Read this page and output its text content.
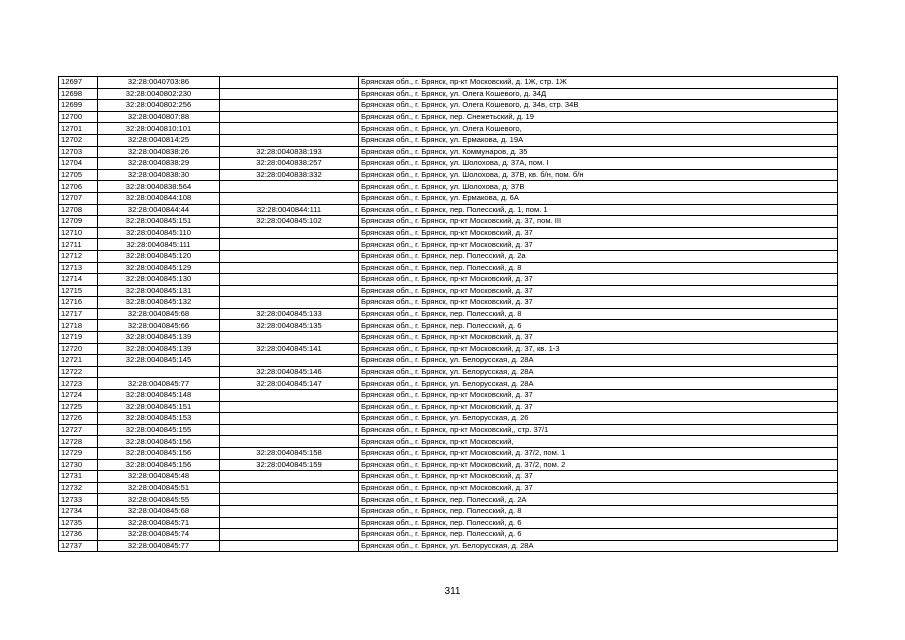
12697	32:28:0040703:86		Брянская обл., г. Брянск, пр-кт Московский, д. 1Ж, стр. 1Ж
12698	32:28:0040802:230		Брянская обл., г. Брянск, ул. Олега Кошевого, д. 34Д
12699	32:28:0040802:256		Брянская обл., г. Брянск, ул. Олега Кошевого, д. 34в, стр. 34В
12700	32:28:0040807:88		Брянская обл., г. Брянск, пер. Снежетьский, д. 19
12701	32:28:0040810:101		Брянская обл., г. Брянск, ул. Олега Кошевого,
12702	32:28:0040814:25		Брянская обл., г. Брянск, ул. Ермакова, д. 19А
12703	32:28:0040838:26	32:28:0040838:193	Брянская обл., г. Брянск, ул. Коммунаров, д. 35
12704	32:28:0040838:29	32:28:0040838:257	Брянская обл., г. Брянск, ул. Шолохова, д. 37А, пом. I
12705	32:28:0040838:30	32:28:0040838:332	Брянская обл., г. Брянск, ул. Шолохова, д. 37В, кв. б/н, пом. б/н
12706	32:28:0040838:564		Брянская обл., г. Брянск, ул. Шолохова, д. 37В
12707	32:28:0040844:108		Брянская обл., г. Брянск, ул. Ермакова, д. 6А
12708	32:28:0040844:44	32:28:0040844:111	Брянская обл., г. Брянск, пер. Полесский, д. 1, пом. 1
12709	32:28:0040845:151	32:28:0040845:102	Брянская обл., г. Брянск, пр-кт Московский, д. 37, пом. III
12710	32:28:0040845:110		Брянская обл., г. Брянск, пр-кт Московский, д. 37
12711	32:28:0040845:111		Брянская обл., г. Брянск, пр-кт Московский, д. 37
12712	32:28:0040845:120		Брянская обл., г. Брянск, пер. Полесский, д. 2а
12713	32:28:0040845:129		Брянская обл., г. Брянск, пер. Полесский, д. 8
12714	32:28:0040845:130		Брянская обл., г. Брянск, пр-кт Московский, д. 37
12715	32:28:0040845:131		Брянская обл., г. Брянск, пр-кт Московский, д. 37
12716	32:28:0040845:132		Брянская обл., г. Брянск, пр-кт Московский, д. 37
12717	32:28:0040845:68	32:28:0040845:133	Брянская обл., г. Брянск, пер. Полесский, д. 8
12718	32:28:0040845:66	32:28:0040845:135	Брянская обл., г. Брянск, пер. Полесский, д. 6
12719	32:28:0040845:139		Брянская обл., г. Брянск, пр-кт Московский, д. 37
12720	32:28:0040845:139	32:28:0040845:141	Брянская обл., г. Брянск, пр-кт Московский, д. 37, кв. 1-3
12721	32:28:0040845:145		Брянская обл., г. Брянск, ул. Белорусская, д. 28А
12722		32:28:0040845:146	Брянская обл., г. Брянск, ул. Белорусская, д. 28А
12723	32:28:0040845:77	32:28:0040845:147	Брянская обл., г. Брянск, ул. Белорусская, д. 28А
12724	32:28:0040845:148		Брянская обл., г. Брянск, пр-кт Московский, д. 37
12725	32:28:0040845:151		Брянская обл., г. Брянск, пр-кт Московский, д. 37
12726	32:28:0040845:153		Брянская обл., г. Брянск, ул. Белорусская, д. 26
12727	32:28:0040845:155		Брянская обл., г. Брянск, пр-кт Московский,, стр. 37/1
12728	32:28:0040845:156		Брянская обл., г. Брянск, пр-кт Московский,
12729	32:28:0040845:156	32:28:0040845:158	Брянская обл., г. Брянск, пр-кт Московский, д. 37/2, пом. 1
12730	32:28:0040845:156	32:28:0040845:159	Брянская обл., г. Брянск, пр-кт Московский, д. 37/2, пом. 2
12731	32:28:0040845:48		Брянская обл., г. Брянск, пр-кт Московский, д. 37
12732	32:28:0040845:51		Брянская обл., г. Брянск, пр-кт Московский, д. 37
12733	32:28:0040845:55		Брянская обл., г. Брянск, пер. Полесский, д. 2А
12734	32:28:0040845:68		Брянская обл., г. Брянск, пер. Полесский, д. 8
12735	32:28:0040845:71		Брянская обл., г. Брянск, пер. Полесский, д. 6
12736	32:28:0040845:74		Брянская обл., г. Брянск, пер. Полесский, д. 6
12737	32:28:0040845:77		Брянская обл., г. Брянск, ул. Белорусская, д. 28А
311
